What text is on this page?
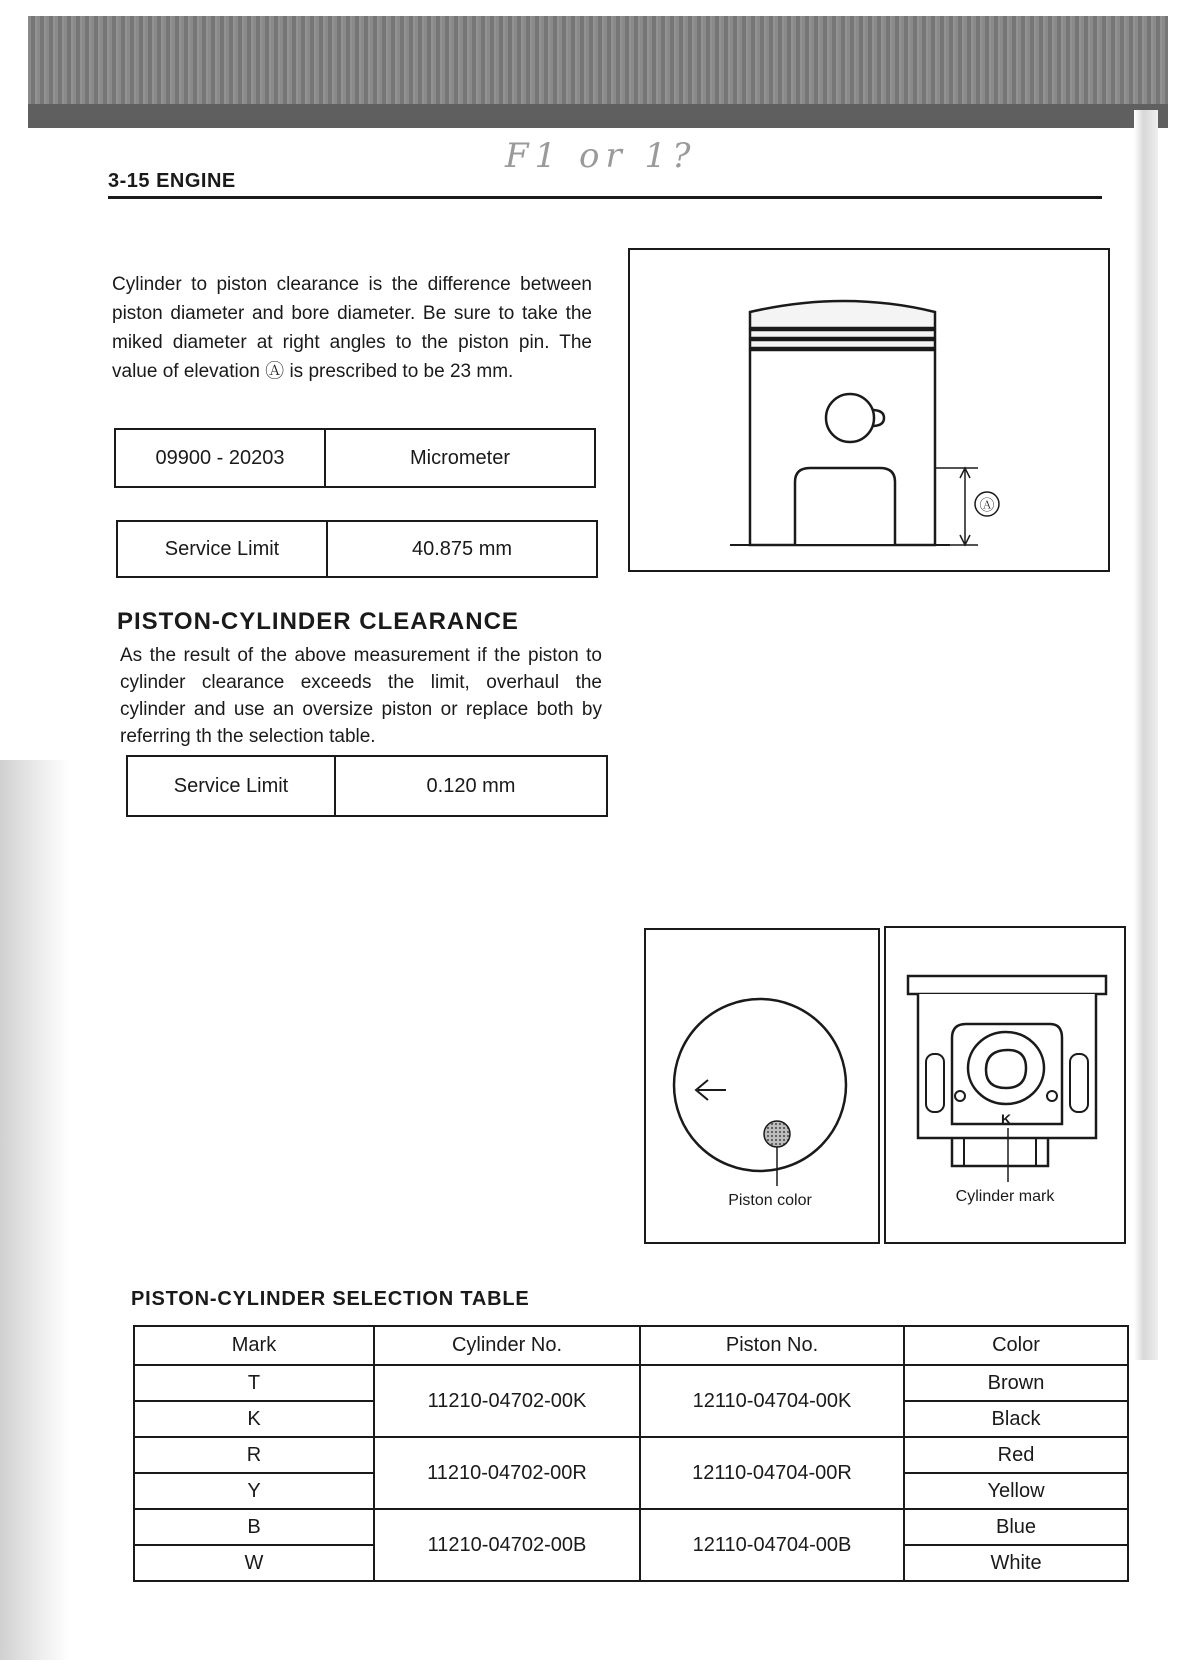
F1 or 1?
3-15 ENGINE
Cylinder to piston clearance is the difference between piston diameter and bore diameter. Be sure to take the miked diameter at right angles to the piston pin. The value of elevation Ⓐ is prescribed to be 23 mm.
09900 - 20203	Micrometer
Service Limit	40.875 mm
PISTON-CYLINDER CLEARANCE
As the result of the above measurement if the piston to cylinder clearance exceeds the limit, overhaul the cylinder and use an oversize piston or replace both by referring th the selection table.
Service Limit	0.120 mm
Ⓐ
Piston color
K
Cylinder mark
PISTON-CYLINDER SELECTION TABLE
Mark	Cylinder No.	Piston No.	Color
T	11210-04702-00K	12110-04704-00K	Brown
K			Black
R	11210-04702-00R	12110-04704-00R	Red
Y			Yellow
B	11210-04702-00B	12110-04704-00B	Blue
W			White
